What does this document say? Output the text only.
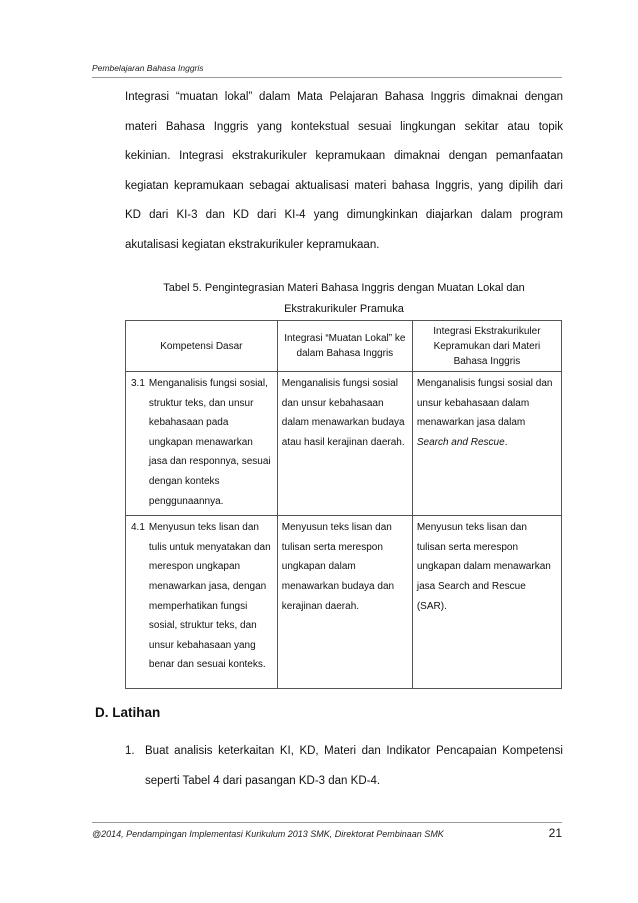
Pembelajaran Bahasa Inggris
Integrasi “muatan lokal” dalam Mata Pelajaran Bahasa Inggris dimaknai dengan
materi Bahasa Inggris yang kontekstual sesuai lingkungan sekitar atau topik
kekinian. Integrasi ekstrakurikuler kepramukaan dimaknai dengan pemanfaatan
kegiatan kepramukaan sebagai aktualisasi materi bahasa Inggris, yang dipilih dari
KD dari KI-3 dan KD dari KI-4 yang dimungkinkan diajarkan dalam program
akutalisasi kegiatan ekstrakurikuler kepramukaan.
Tabel 5. Pengintegrasian Materi Bahasa Inggris dengan Muatan Lokal dan
Ekstrakurikuler Pramuka
Kompetensi Dasar	Integrasi “Muatan Lokal” ke dalam Bahasa Inggris	Integrasi Ekstrakurikuler Kepramukan dari Materi Bahasa Inggris

3.1 Menganalisis fungsi sosial, struktur teks, dan unsur kebahasaan pada ungkapan menawarkan jasa dan responnya, sesuai dengan konteks penggunaannya.	Menganalisis fungsi sosial dan unsur kebahasaan dalam menawarkan budaya atau hasil kerajinan daerah.	Menganalisis fungsi sosial dan unsur kebahasaan dalam menawarkan jasa dalam Search and Rescue.

4.1 Menyusun teks lisan dan tulis untuk menyatakan dan merespon ungkapan menawarkan jasa, dengan memperhatikan fungsi sosial, struktur teks, dan unsur kebahasaan yang benar dan sesuai konteks.	Menyusun teks lisan dan tulisan serta merespon ungkapan dalam menawarkan budaya dan kerajinan daerah.	Menyusun teks lisan dan tulisan serta merespon ungkapan dalam menawarkan jasa Search and Rescue (SAR).
D. Latihan
1. Buat analisis keterkaitan KI, KD, Materi dan Indikator Pencapaian Kompetensi
seperti Tabel 4 dari pasangan KD-3 dan KD-4.
@2014, Pendampingan Implementasi Kurikulum 2013 SMK, Direktorat Pembinaan SMK	21
